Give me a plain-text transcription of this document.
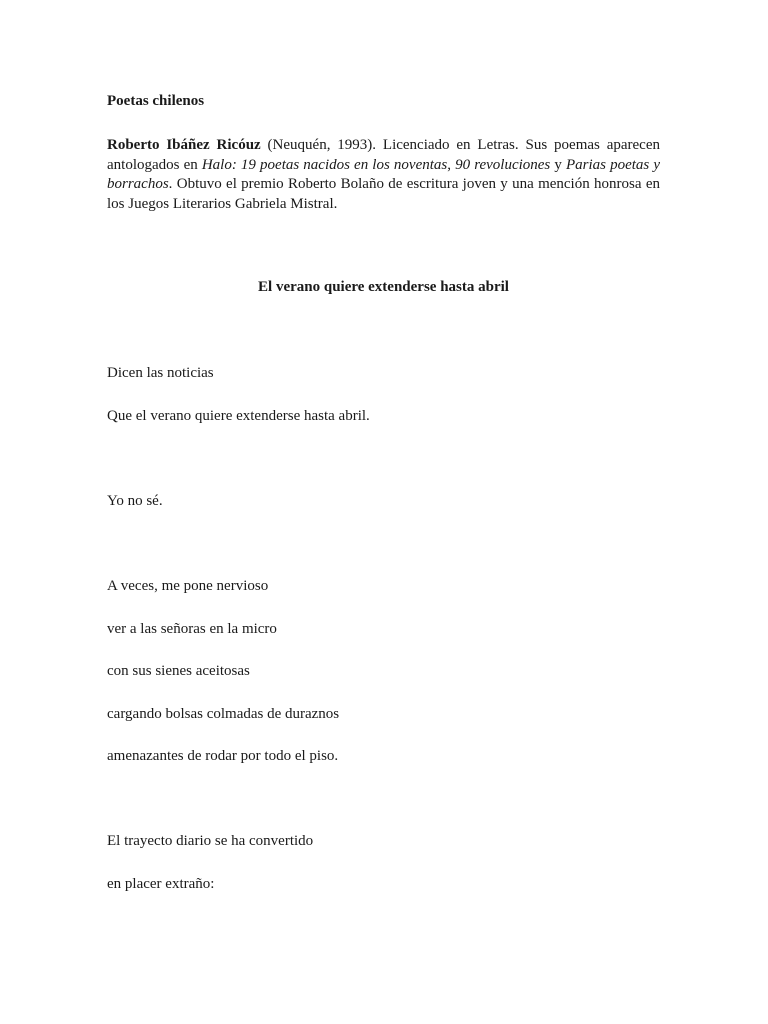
Poetas chilenos

Roberto Ibáñez Ricóuz (Neuquén, 1993). Licenciado en Letras. Sus poemas aparecen antologados en Halo: 19 poetas nacidos en los noventas, 90 revoluciones y Parias poetas y borrachos. Obtuvo el premio Roberto Bolaño de escritura joven y una mención honrosa en los Juegos Literarios Gabriela Mistral.

El verano quiere extenderse hasta abril

Dicen las noticias

Que el verano quiere extenderse hasta abril.

Yo no sé.

A veces, me pone nervioso

ver a las señoras en la micro

con sus sienes aceitosas

cargando bolsas colmadas de duraznos

amenazantes de rodar por todo el piso.

El trayecto diario se ha convertido

en placer extraño:
